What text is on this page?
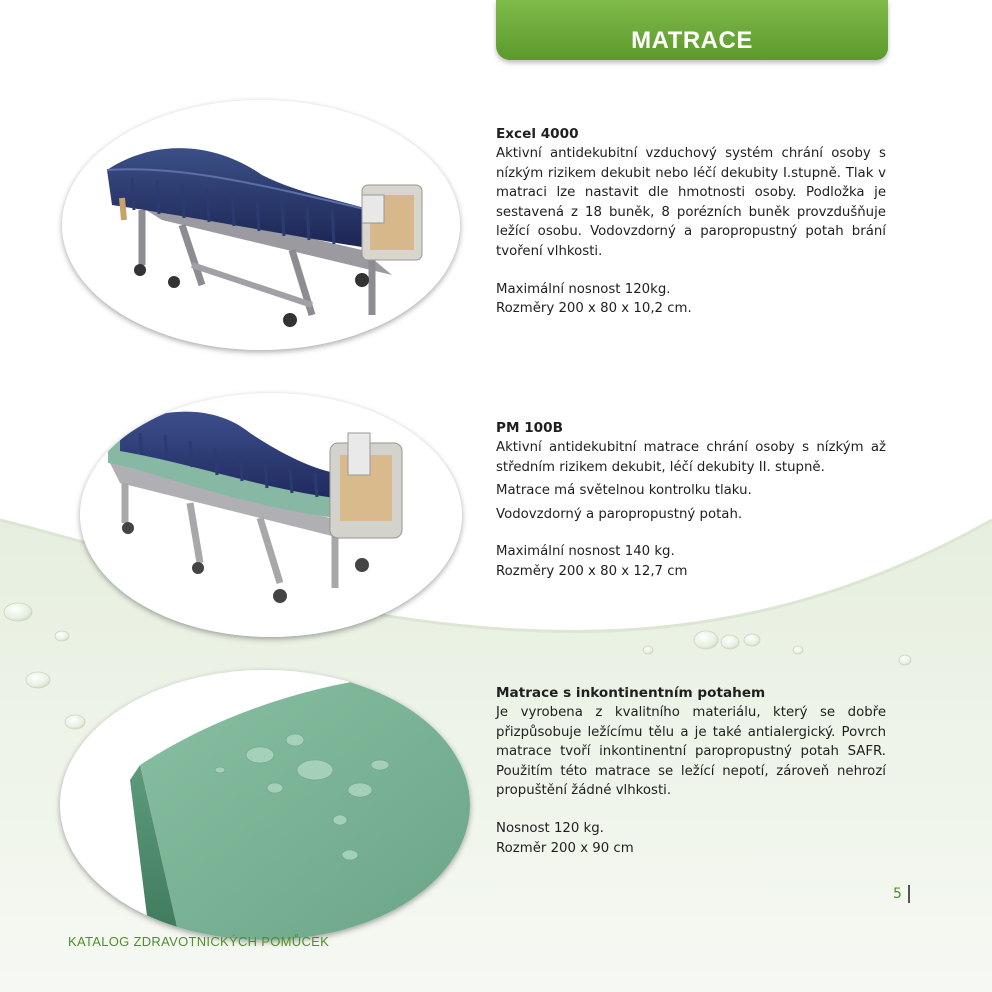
MATRACE
Excel 4000

Aktivní antidekubitní vzduchový systém chrání osoby s nízkým rizikem dekubit nebo léčí dekubity I.stupně. Tlak v matraci lze nastavit dle hmotnosti osoby. Podložka je sestavená z 18 buněk, 8 porézních buněk provzdušňuje ležící osobu. Vodovzdorný a paropropustný potah brání tvoření vlhkosti.

Maximální nosnost 120kg.
Rozměry 200 x 80 x 10,2 cm.
PM 100B

Aktivní antidekubitní matrace chrání osoby s nízkým až středním rizikem dekubit, léčí dekubity II. stupně.

Matrace má světelnou kontrolku tlaku.

Vodovzdorný a paropropustný potah.

Maximální nosnost 140 kg.
Rozměry 200 x 80 x 12,7 cm
Matrace s inkontinentním potahem

Je vyrobena z kvalitního materiálu, který se dobře přizpůsobuje ležícímu tělu a je také antialergický. Povrch matrace tvoří inkontinentní paropropustný potah SAFR. Použitím této matrace se ležící nepotí, zároveň nehrozí propuštění žádné vlhkosti.

Nosnost 120 kg.
Rozměr 200 x 90 cm
5
KATALOG ZDRAVOTNICKÝCH POMŮCEK
